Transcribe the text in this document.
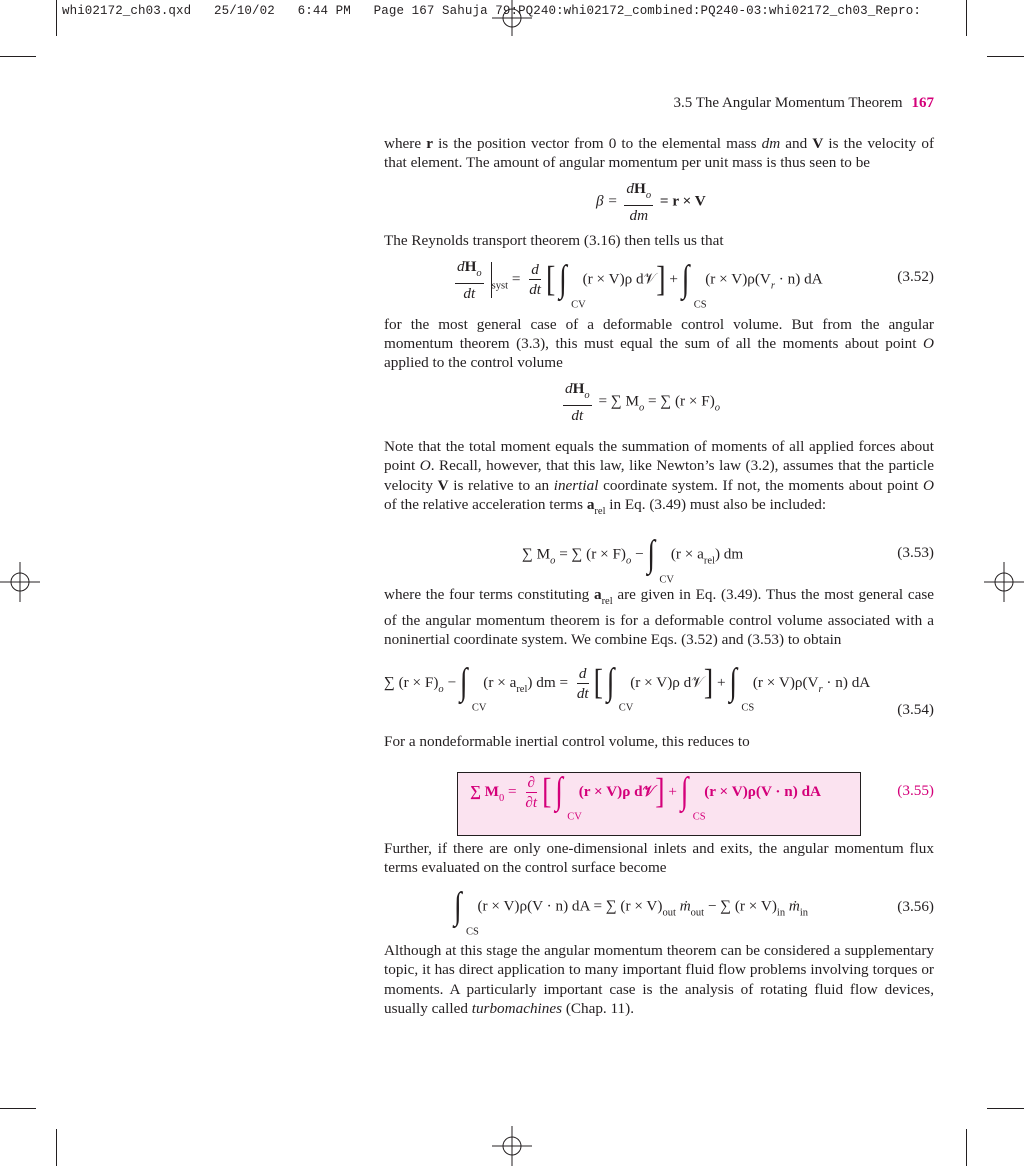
whi02172_ch03.qxd   25/10/02   6:44 PM   Page 167 Sahuja 79:PQ240:whi02172_combined:PQ240-03:whi02172_ch03_Repro:
3.5 The Angular Momentum Theorem 167

where r is the position vector from 0 to the elemental mass dm and V is the velocity of that element. The amount of angular momentum per unit mass is thus seen to be

$\beta = \frac{dH_o}{dm} = r \times V$

The Reynolds transport theorem (3.16) then tells us that

$\frac{dH_o}{dt} _{syst} = \frac{d}{dt}$ [ ∫
CV
(r × V)ρ d𝒱] + ∫
CS
$(r \times V)\rho(V_r \cdot n)$ dA	(3.52)

for the most general case of a deformable control volume. But from the angular momentum theorem (3.3), this must equal the sum of all the moments about point O applied to the control volume

$\frac{dH_o}{dt}$ = ∑ $M_o$ = ∑ $(r \times F)_o$

Note that the total moment equals the summation of moments of all applied forces about point O. Recall, however, that this law, like Newton’s law (3.2), assumes that the particle velocity V is relative to an inertial coordinate system. If not, the moments about point O of the relative acceleration terms $a_{rel}$ in Eq. (3.49) must also be included:

∑ $M_o$ = ∑ $(r \times F)_o$ − ∫
CV
$(r \times a_{rel})$ dm	(3.53)

where the four terms constituting $a_{rel}$ are given in Eq. (3.49). Thus the most general case of the angular momentum theorem is for a deformable control volume associated with a noninertial coordinate system. We combine Eqs. (3.52) and (3.53) to obtain

∑ $(r \times F)_o$ − ∫
CV
$(r \times a_{rel})$ dm = $\frac{d}{dt}$ [ ∫
CV
(r × V)ρ d𝒱] + ∫
CS
$(r \times V)\rho(V_r \cdot n)$ dA
(3.54)

For a nondeformable inertial control volume, this reduces to

∑ $M_0 = \frac{\partial}{\partial t}$ [ ∫
CV
(r × V)ρ d𝒱] + ∫
CS
(r × V)ρ(V · n) dA	(3.55)

Further, if there are only one-dimensional inlets and exits, the angular momentum flux terms evaluated on the control surface become

∫
CS
(r × V)ρ(V · n) dA = ∑ $(r \times V)_{out}$ ṁ$_{out}$ − ∑ $(r \times V)_{in}$ ṁ$_{in}$	(3.56)

Although at this stage the angular momentum theorem can be considered a supplementary topic, it has direct application to many important fluid flow problems involving torques or moments. A particularly important case is the analysis of rotating fluid flow devices, usually called turbomachines (Chap. 11).
